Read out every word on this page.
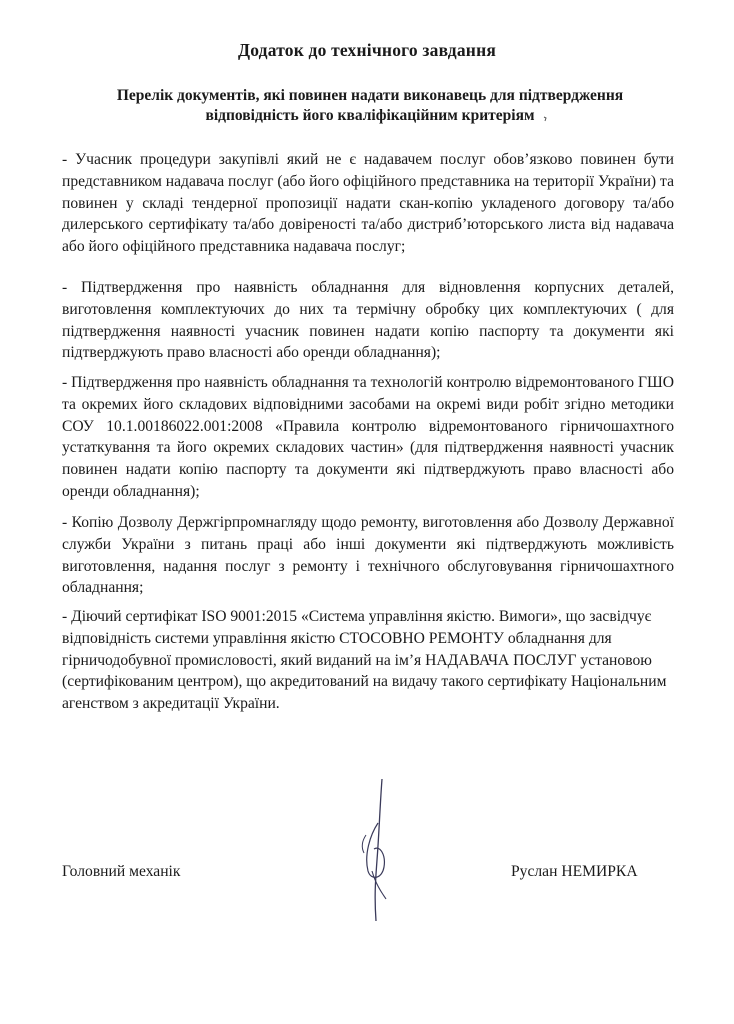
Додаток до технічного завдання
Перелік документів, які повинен надати виконавець для підтвердження відповідність його кваліфікаційним критеріям
- Учасник процедури закупівлі який не є надавачем послуг обов’язково повинен бути представником надавача послуг (або його офіційного представника на території України) та повинен у складі тендерної пропозиції надати скан-копію укладеного договору та/або дилерського сертифікату та/або довіреності та/або дистриб’юторського листа від надавача або його офіційного представника надавача послуг;
- Підтвердження про наявність обладнання для відновлення корпусних деталей, виготовлення комплектуючих до них та термічну обробку цих комплектуючих ( для підтвердження наявності учасник повинен надати копію паспорту та документи які підтверджують право власності або оренди обладнання);
- Підтвердження про наявність обладнання та технологій контролю відремонтованого ГШО та окремих його складових відповідними засобами на окремі види робіт згідно методики СОУ 10.1.00186022.001:2008 «Правила контролю відремонтованого гірничошахтного устаткування та його окремих складових частин» (для підтвердження наявності учасник повинен надати копію паспорту та документи які підтверджують право власності або оренди обладнання);
- Копію Дозволу Держгірпромнагляду щодо ремонту, виготовлення або Дозволу Державної служби України з питань праці або інші документи які підтверджують можливість виготовлення, надання послуг з ремонту і технічного обслуговування гірничошахтного обладнання;
- Діючий сертифікат ISO 9001:2015 «Система управління якістю. Вимоги», що засвідчує відповідність системи управління якістю СТОСОВНО РЕМОНТУ обладнання для гірничодобувної промисловості, який виданий на ім’я НАДАВАЧА ПОСЛУГ установою (сертифікованим центром), що акредитований на видачу такого сертифікату Національним агенством з акредитації України.
Головний механік	Руслан НЕМИРКА
